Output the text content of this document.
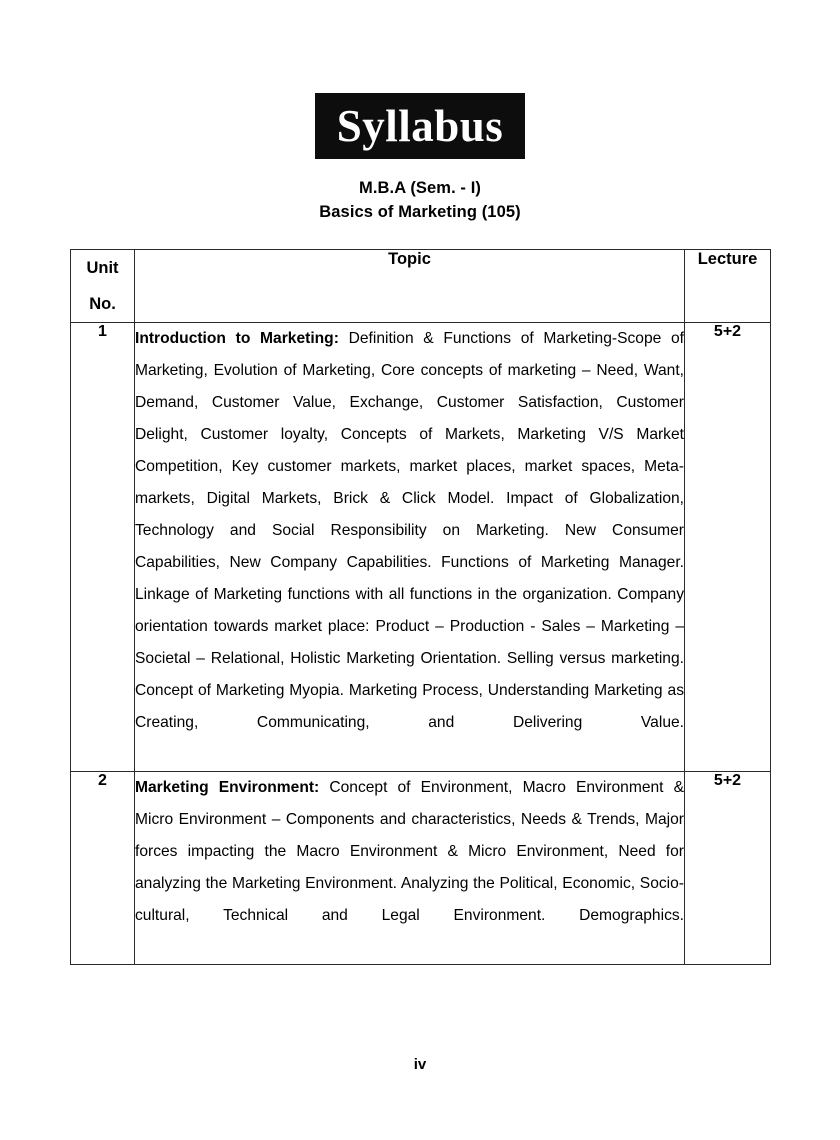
Syllabus
M.B.A (Sem. - I)
Basics of Marketing (105)
Unit
No.	Topic	Lecture
1	Introduction to Marketing: Definition & Functions of Marketing-Scope of Marketing, Evolution of Marketing, Core concepts of marketing – Need, Want, Demand, Customer Value, Exchange, Customer Satisfaction, Customer Delight, Customer loyalty, Concepts of Markets, Marketing V/S Market Competition, Key customer markets, market places, market spaces, Meta-markets, Digital Markets, Brick & Click Model. Impact of Globalization, Technology and Social Responsibility on Marketing. New Consumer Capabilities, New Company Capabilities. Functions of Marketing Manager. Linkage of Marketing functions with all functions in the organization. Company orientation towards market place: Product – Production - Sales – Marketing –Societal – Relational, Holistic Marketing Orientation. Selling versus marketing. Concept of Marketing Myopia. Marketing Process, Understanding Marketing as Creating, Communicating, and Delivering Value.	5+2
2	Marketing Environment: Concept of Environment, Macro Environment & Micro Environment – Components and characteristics, Needs & Trends, Major forces impacting the Macro Environment & Micro Environment, Need for analyzing the Marketing Environment. Analyzing the Political, Economic, Socio-cultural, Technical and Legal Environment. Demographics.	5+2
iv
